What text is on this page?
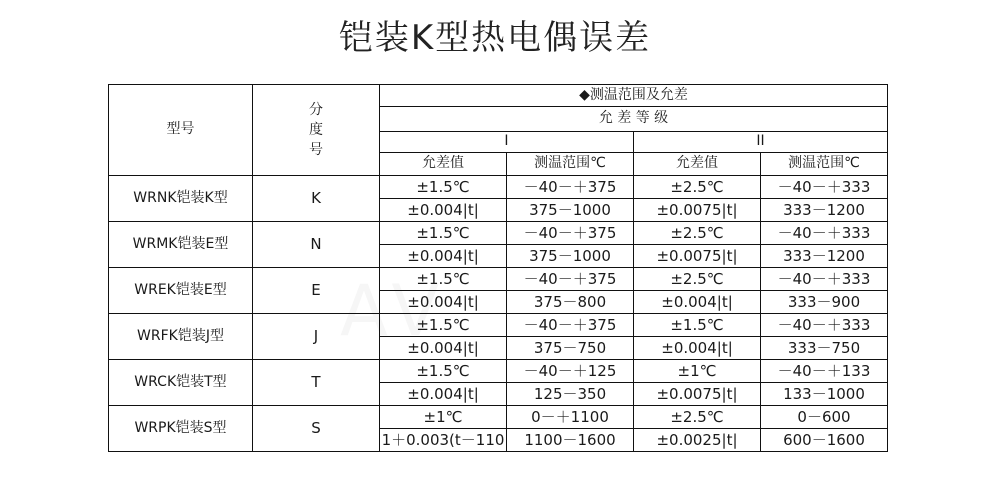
铠装K型热电偶误差
型号	分
度
号	◆测温范围及允差			
		允 差 等 级			
		I		II	
		允差值	测温范围℃	允差值	测温范围℃
WRNK铠装K型	K	±1.5℃	－40－＋375	±2.5℃	－40－＋333
		±0.004|t|	375－1000	±0.0075|t|	333－1200
WRMK铠装E型	N	±1.5℃	－40－＋375	±2.5℃	－40－＋333
		±0.004|t|	375－1000	±0.0075|t|	333－1200
WREK铠装E型	E	±1.5℃	－40－＋375	±2.5℃	－40－＋333
		±0.004|t|	375－800	±0.004|t|	333－900
WRFK铠装J型	J	±1.5℃	－40－＋375	±1.5℃	－40－＋333
		±0.004|t|	375－750	±0.004|t|	333－750
WRCK铠装T型	T	±1.5℃	－40－＋125	±1℃	－40－＋133
		±0.004|t|	125－350	±0.0075|t|	133－1000
WRPK铠装S型	S	±1℃	0－＋1100	±2.5℃	0－600
		1＋0.003(t－110	1100－1600	±0.0025|t|	600－1600
